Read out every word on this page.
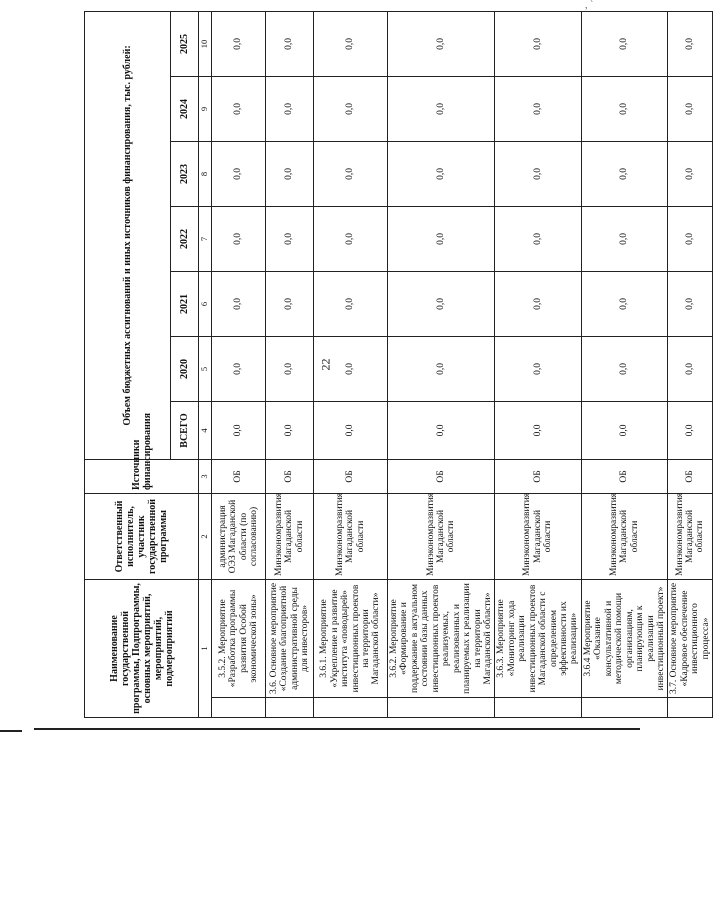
, `
Наименование государственной программы, Подпрограммы, основных мероприятий, мероприятий, подмероприятий		Ответственный исполнитель, участник государственной программы	Источники финансирования	Объем бюджетных ассигнований и иных источников финансирования, тыс. рублей:						
				ВСЕГО	2020	2021	2022	2023	2024	2025
1		2	3	4	5	6	7	8	9	10
	3.5.2. Мероприятие «Разработка программы развития Особой экономической зоны»	администрация ОЭЗ Магаданской области (по согласованию)	ОБ	0,0	0,0	0,0	0,0	0,0	0,0	0,0
	3.6. Основное мероприятие «Создание благоприятной административной среды для инвесторов»	Минэкономразвития Магаданской области	ОБ	0,0	0,0	0,0	0,0	0,0	0,0	0,0
	3.6.1. Мероприятие «Укрепление и развитие института «поводырей» инвестиционных проектов на территории Магаданской области»	Минэкономразвития Магаданской области	ОБ	0,0	0,0	0,0	0,0	0,0	0,0	0,0
	3.6.2. Мероприятие «Формирование и поддержание в актуальном состоянии базы данных инвестиционных проектов реализуемых, реализованных и планируемых к реализации на территории Магаданской области»	Минэкономразвития Магаданской области	ОБ	0,0	0,0	0,0	0,0	0,0	0,0	0,0
	3.6.3. Мероприятие «Мониторинг хода реализации инвестиционных проектов Магаданской области с определением эффективности их реализации»	Минэкономразвития Магаданской области	ОБ	0,0	0,0	0,0	0,0	0,0	0,0	0,0
	3.6.4 Мероприятие «Оказание консультативной и методической помощи организациям, планирующим к реализации инвестиционный проект»	Минэкономразвития Магаданской области	ОБ	0,0	0,0	0,0	0,0	0,0	0,0	0,0
	3.7. Основное мероприятие «Кадровое обеспечение инвестиционного процесса»	Минэкономразвития Магаданской области	ОБ	0,0	0,0	0,0	0,0	0,0	0,0	0,0
22
